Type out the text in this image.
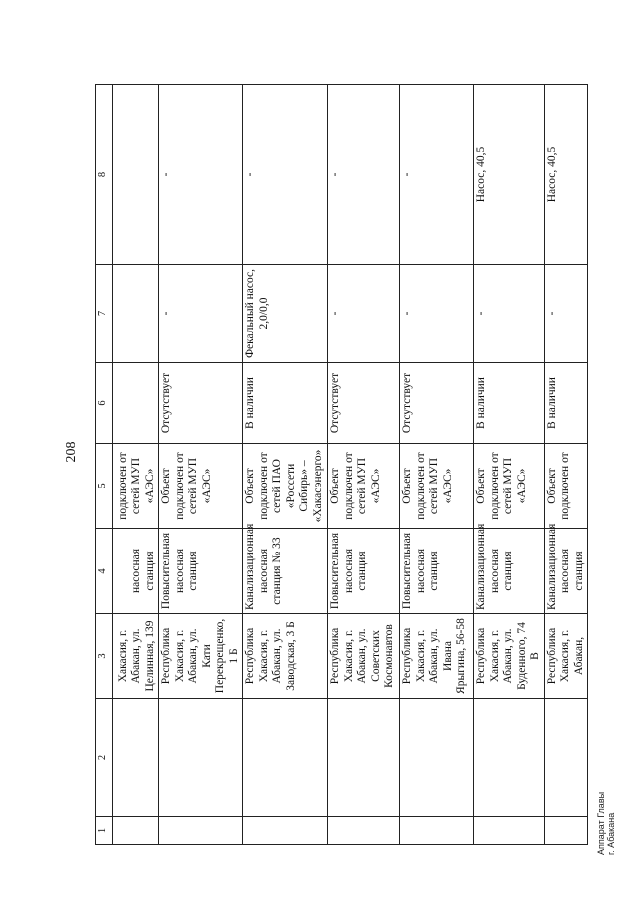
208
1	2	3	4	5	6	7	8
		Хакасия, г. Абакан, ул. Целинная, 139	насосная станция	подключен от сетей МУП «АЭС»			
		Республика Хакасия, г. Абакан, ул. Кати Перекрещенко, 1 Б	Повысительная насосная станция	Объект подключен от сетей МУП «АЭС»	Отсутствует	-	-
		Республика Хакасия, г. Абакан, ул. Заводская, 3 Б	Канализационная насосная станция № 33	Объект подключен от сетей ПАО «Россети Сибирь» – «Хакасэнерго»	В наличии	Фекальный насос, 2,0/0,0	-
		Республика Хакасия, г. Абакан, ул. Советских Космонавтов	Повысительная насосная станция	Объект подключен от сетей МУП «АЭС»	Отсутствует	-	-
		Республика Хакасия, г. Абакан, ул. Ивана Ярыгина, 56-58	Повысительная насосная станция	Объект подключен от сетей МУП «АЭС»	Отсутствует	-	-
		Республика Хакасия, г. Абакан, ул. Буденного, 74 В	Канализационная насосная станция	Объект подключен от сетей МУП «АЭС»	В наличии	-	Насос, 40,5
		Республика Хакасия, г. Абакан,	Канализационная насосная станция	Объект подключен от	В наличии	-	Насос, 40,5
Аппарат Главы г. Абакана
